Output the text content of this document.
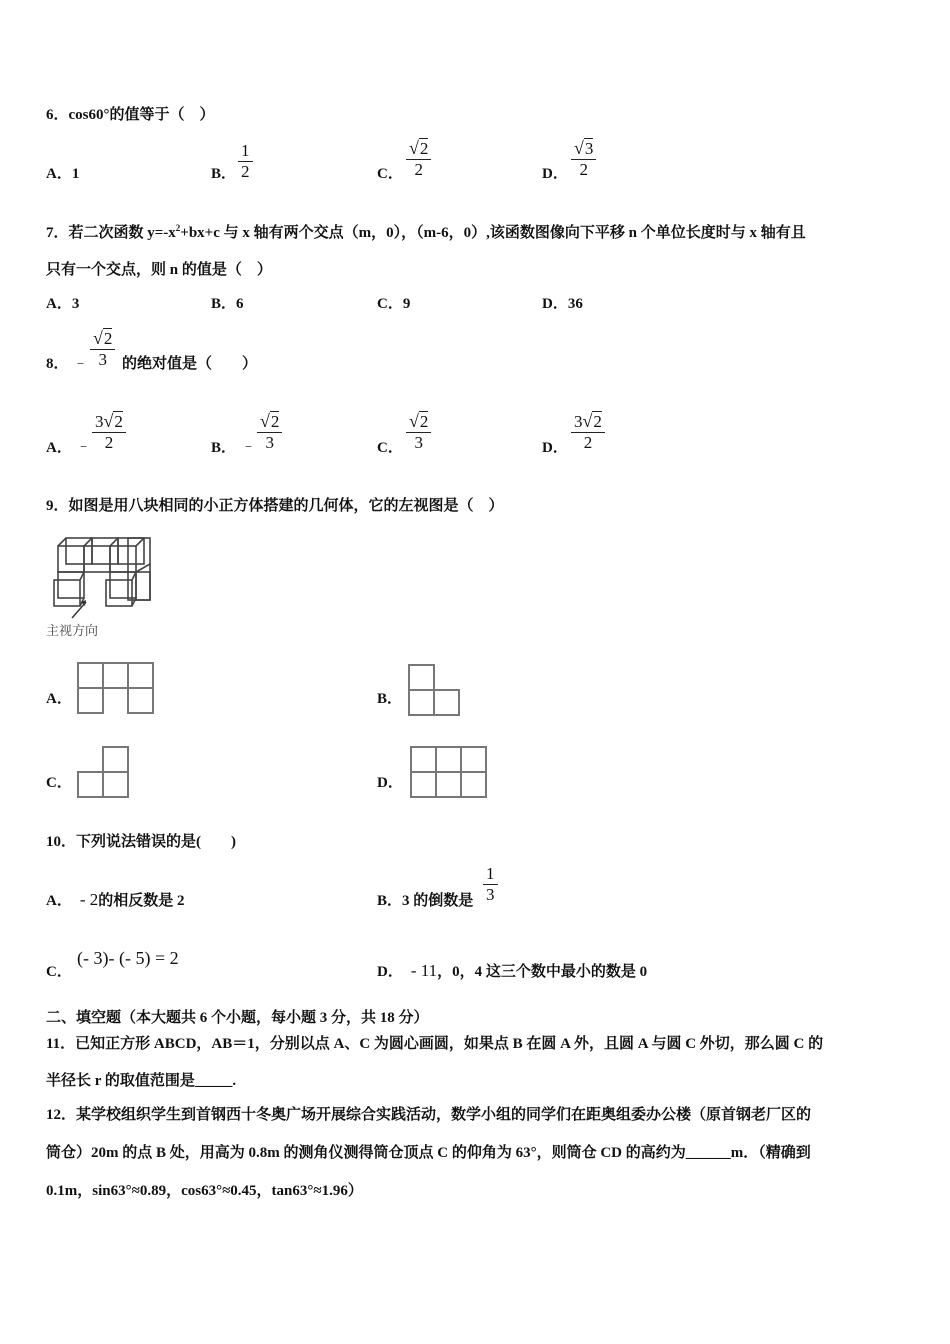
6．cos60°的值等于（　）
A．1	B．
1
2	C．
√2
2	D．
√3
2
7．若二次函数 $y=-x^2+bx+c$ 与 x 轴有两个交点（m，0），（m-6，0）,该函数图像向下平移 n 个单位长度时与 x 轴有且
只有一个交点，则 n 的值是（　）
A．3	B．6	C．9	D．36
8． ﹣
√2
3	的绝对值是（　　）
A． ﹣
3√2
2	B． ﹣
√2
3	C．
√2
3	D．
3√2
2
9．如图是用八块相同的小正方体搭建的几何体，它的左视图是（　）
主视方向
A．	B．
C．	D．
10．下列说法错误的是(　　)
A． - 2的相反数是 2	B．3 的倒数是
1
3
C．
(- 3)- (- 5) = 2
D． - 11，0，4 这三个数中最小的数是 0
二、填空题（本大题共 6 个小题，每小题 3 分，共 18 分）
11．已知正方形 ABCD，AB＝1，分别以点 A、C 为圆心画圆，如果点 B 在圆 A 外，且圆 A 与圆 C 外切，那么圆 C 的
半径长 r 的取值范围是_____.
12．某学校组织学生到首钢西十冬奥广场开展综合实践活动，数学小组的同学们在距奥组委办公楼（原首钢老厂区的
筒仓）20m 的点 B 处，用高为 0.8m 的测角仪测得筒仓顶点 C 的仰角为 63°，则筒仓 CD 的高约为______m．（精确到
0.1m，sin63°≈0.89，cos63°≈0.45，tan63°≈1.96）
